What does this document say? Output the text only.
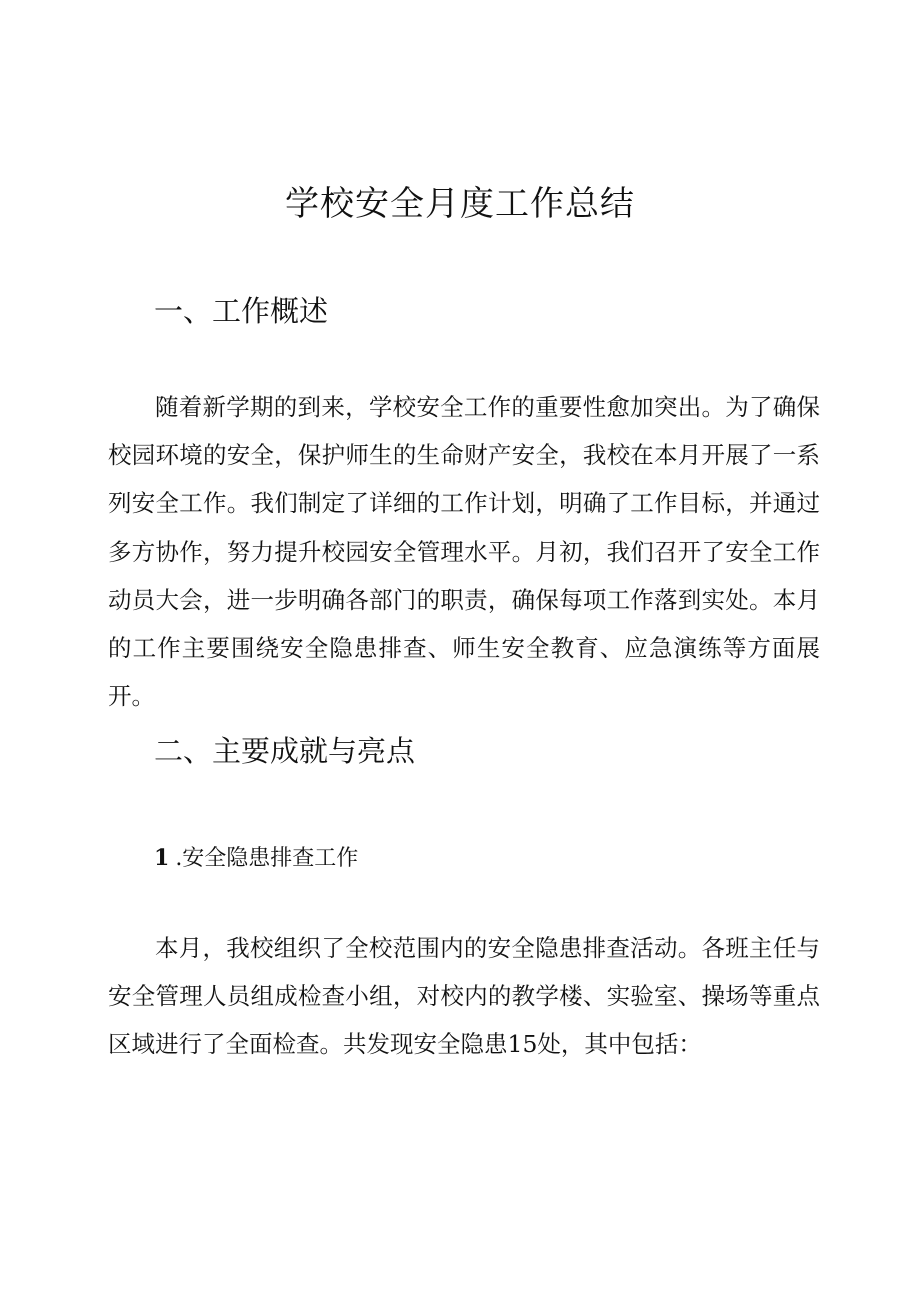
学校安全月度工作总结
一、工作概述

随着新学期的到来，学校安全工作的重要性愈加突出。为了确保校园环境的安全，保护师生的生命财产安全，我校在本月开展了一系列安全工作。我们制定了详细的工作计划，明确了工作目标，并通过多方协作，努力提升校园安全管理水平。月初，我们召开了安全工作动员大会，进一步明确各部门的职责，确保每项工作落到实处。本月的工作主要围绕安全隐患排查、师生安全教育、应急演练等方面展开。

二、主要成就与亮点
1 .安全隐患排查工作

本月，我校组织了全校范围内的安全隐患排查活动。各班主任与安全管理人员组成检查小组，对校内的教学楼、实验室、操场等重点区域进行了全面检查。共发现安全隐患15处，其中包括：
